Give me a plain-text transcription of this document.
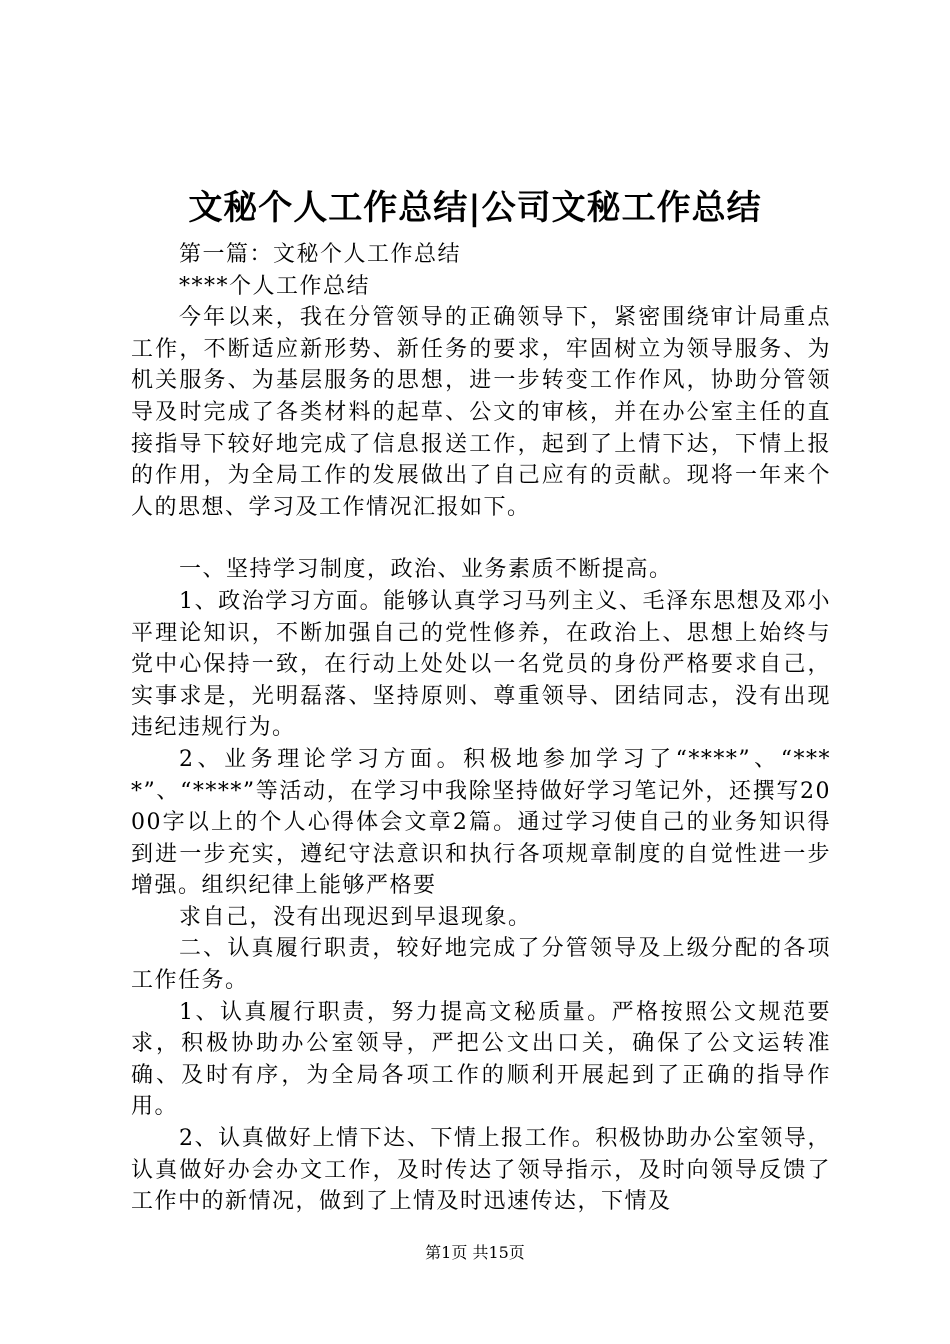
文秘个人工作总结|公司文秘工作总结

第一篇：文秘个人工作总结

****个人工作总结

今年以来，我在分管领导的正确领导下，紧密围绕审计局重点工作，不断适应新形势、新任务的要求，牢固树立为领导服务、为机关服务、为基层服务的思想，进一步转变工作作风，协助分管领导及时完成了各类材料的起草、公文的审核，并在办公室主任的直接指导下较好地完成了信息报送工作，起到了上情下达，下情上报的作用，为全局工作的发展做出了自己应有的贡献。现将一年来个人的思想、学习及工作情况汇报如下。

一、坚持学习制度，政治、业务素质不断提高。

1、政治学习方面。能够认真学习马列主义、毛泽东思想及邓小平理论知识，不断加强自己的党性修养，在政治上、思想上始终与党中心保持一致，在行动上处处以一名党员的身份严格要求自己，实事求是，光明磊落、坚持原则、尊重领导、团结同志，没有出现违纪违规行为。

2、业务理论学习方面。积极地参加学习了“****”、“****”、“****”等活动，在学习中我除坚持做好学习笔记外，还撰写2000字以上的个人心得体会文章2篇。通过学习使自己的业务知识得到进一步充实，遵纪守法意识和执行各项规章制度的自觉性进一步增强。组织纪律上能够严格要

求自己，没有出现迟到早退现象。

二、认真履行职责，较好地完成了分管领导及上级分配的各项工作任务。

1、认真履行职责，努力提高文秘质量。严格按照公文规范要求，积极协助办公室领导，严把公文出口关，确保了公文运转准确、及时有序，为全局各项工作的顺利开展起到了正确的指导作用。

2、认真做好上情下达、下情上报工作。积极协助办公室领导，认真做好办会办文工作，及时传达了领导指示，及时向领导反馈了工作中的新情况，做到了上情及时迅速传达，下情及

第1页 共15页
